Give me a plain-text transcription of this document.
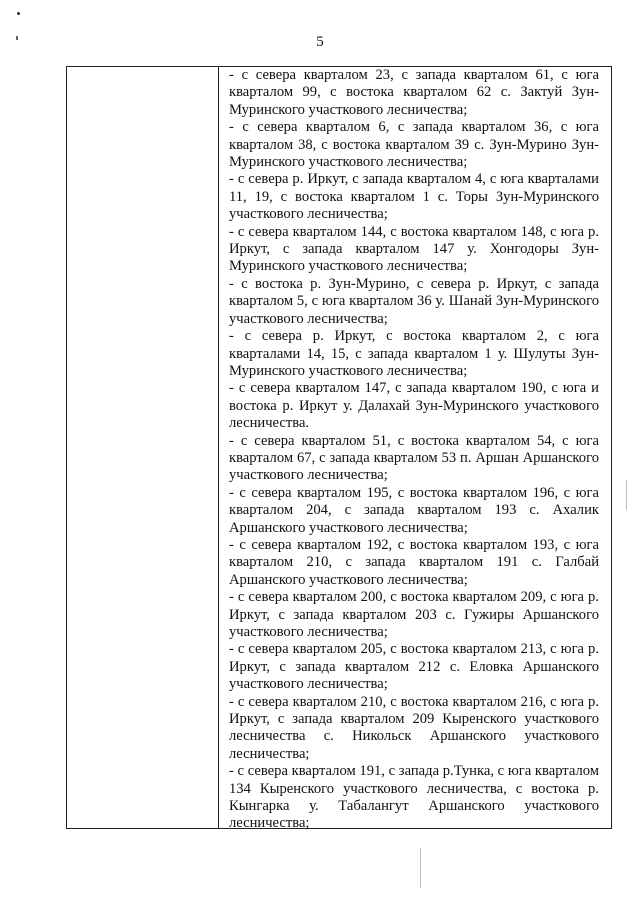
5

- с севера кварталом 23, с запада кварталом 61, с юга кварталом 99, с востока кварталом 62 с. Зактуй Зун-Муринского участкового лесничества;

- с севера кварталом 6, с запада кварталом 36, с юга кварталом 38, с востока кварталом 39 с. Зун-Мурино Зун-Муринского участкового лесничества;

- с севера р. Иркут, с запада кварталом 4, с юга кварталами 11, 19, с востока кварталом 1 с. Торы Зун-Муринского участкового лесничества;

- с севера кварталом 144, с востока кварталом 148, с юга р. Иркут, с запада кварталом 147 у. Хонгодоры Зун-Муринского участкового лесничества;

- с востока р. Зун-Мурино, с севера р. Иркут, с запада кварталом 5, с юга кварталом 36 у. Шанай Зун-Муринского участкового лесничества;

- с севера р. Иркут, с востока кварталом 2, с юга кварталами 14, 15, с запада кварталом 1 у. Шулуты Зун-Муринского участкового лесничества;

- с севера кварталом 147, с запада кварталом 190, с юга и востока р. Иркут у. Далахай Зун-Муринского участкового лесничества.

- с севера кварталом 51, с востока кварталом 54, с юга кварталом 67, с запада кварталом 53 п. Аршан Аршанского участкового лесничества;

- с севера кварталом 195, с востока кварталом 196, с юга кварталом 204, с запада кварталом 193 с. Ахалик Аршанского участкового лесничества;

- с севера кварталом 192, с востока кварталом 193, с юга кварталом 210, с запада кварталом 191 с. Галбай Аршанского участкового лесничества;

- с севера кварталом 200, с востока кварталом 209, с юга р. Иркут, с запада кварталом 203 с. Гужиры Аршанского участкового лесничества;

- с севера кварталом 205, с востока кварталом 213, с юга р. Иркут, с запада кварталом 212 с. Еловка Аршанского участкового лесничества;

- с севера кварталом 210, с востока кварталом 216, с юга р. Иркут, с запада кварталом 209 Кыренского участкового лесничества с. Никольск Аршанского участкового лесничества;

- с севера кварталом 191, с запада р.Тунка, с юга кварталом 134 Кыренского участкового лесничества, с востока р. Кынгарка у. Табалангут Аршанского участкового лесничества;
